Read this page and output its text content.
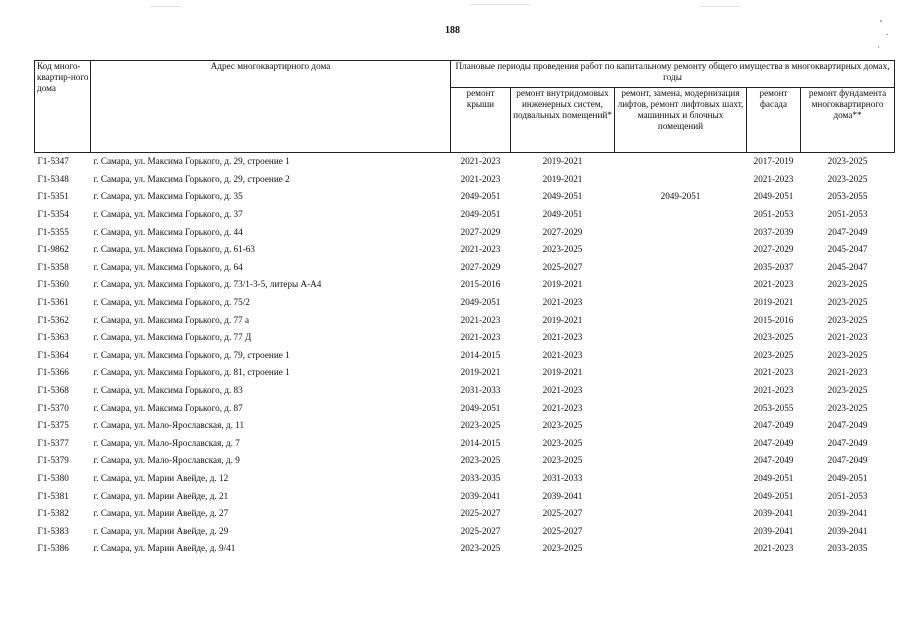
188
Код много-квартир-ного дома	Адрес многоквартирного дома	Плановые периоды проведения работ по капитальному ремонту общего имущества в многоквартирных домах, годы				
		ремонт крыши	ремонт внутридомовых инженерных систем, подвальных помещений*	ремонт, замена, модернизация лифтов, ремонт лифтовых шахт, машинных и блочных помещений	ремонт фасада	ремонт фундамента многоквартирного дома**
Г1-5347	г. Самара, ул. Максима Горького, д. 29, строение 1	2021-2023	2019-2021		2017-2019	2023-2025
Г1-5348	г. Самара, ул. Максима Горького, д. 29, строение 2	2021-2023	2019-2021		2021-2023	2023-2025
Г1-5351	г. Самара, ул. Максима Горького, д. 35	2049-2051	2049-2051	2049-2051	2049-2051	2053-2055
Г1-5354	г. Самара, ул. Максима Горького, д. 37	2049-2051	2049-2051		2051-2053	2051-2053
Г1-5355	г. Самара, ул. Максима Горького, д. 44	2027-2029	2027-2029		2037-2039	2047-2049
Г1-9862	г. Самара, ул. Максима Горького, д. 61-63	2021-2023	2023-2025		2027-2029	2045-2047
Г1-5358	г. Самара, ул. Максима Горького, д. 64	2027-2029	2025-2027		2035-2037	2045-2047
Г1-5360	г. Самара, ул. Максима Горького, д. 73/1-3-5, литеры А-А4	2015-2016	2019-2021		2021-2023	2023-2025
Г1-5361	г. Самара, ул. Максима Горького, д. 75/2	2049-2051	2021-2023		2019-2021	2023-2025
Г1-5362	г. Самара, ул. Максима Горького, д. 77 а	2021-2023	2019-2021		2015-2016	2023-2025
Г1-5363	г. Самара, ул. Максима Горького, д. 77 Д	2021-2023	2021-2023		2023-2025	2021-2023
Г1-5364	г. Самара, ул. Максима Горького, д. 79, строение 1	2014-2015	2021-2023		2023-2025	2023-2025
Г1-5366	г. Самара, ул. Максима Горького, д. 81, строение 1	2019-2021	2019-2021		2021-2023	2021-2023
Г1-5368	г. Самара, ул. Максима Горького, д. 83	2031-2033	2021-2023		2021-2023	2023-2025
Г1-5370	г. Самара, ул. Максима Горького, д. 87	2049-2051	2021-2023		2053-2055	2023-2025
Г1-5375	г. Самара, ул. Мало-Ярославская, д. 11	2023-2025	2023-2025		2047-2049	2047-2049
Г1-5377	г. Самара, ул. Мало-Ярославская, д. 7	2014-2015	2023-2025		2047-2049	2047-2049
Г1-5379	г. Самара, ул. Мало-Ярославская, д. 9	2023-2025	2023-2025		2047-2049	2047-2049
Г1-5380	г. Самара, ул. Марии Авейде, д. 12	2033-2035	2031-2033		2049-2051	2049-2051
Г1-5381	г. Самара, ул. Марии Авейде, д. 21	2039-2041	2039-2041		2049-2051	2051-2053
Г1-5382	г. Самара, ул. Марии Авейде, д. 27	2025-2027	2025-2027		2039-2041	2039-2041
Г1-5383	г. Самара, ул. Марии Авейде, д. 29	2025-2027	2025-2027		2039-2041	2039-2041
Г1-5386	г. Самара, ул. Марии Авейде, д. 9/41	2023-2025	2023-2025		2021-2023	2033-2035
